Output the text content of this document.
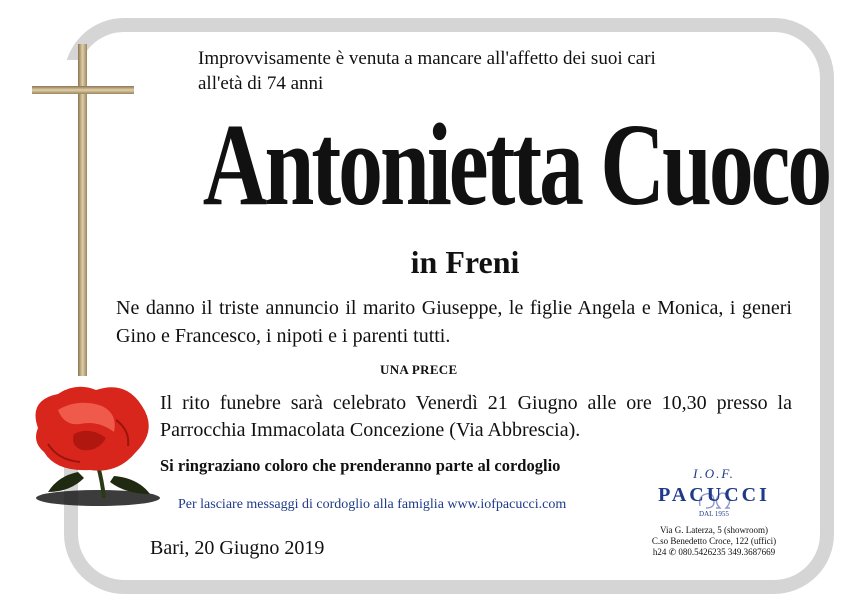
Improvvisamente è venuta a mancare all'affetto dei suoi cari
all'età di 74 anni
Antonietta Cuoco
in Freni
Ne danno il triste annuncio il marito Giuseppe, le figlie Angela e Monica, i generi Gino e Francesco, i nipoti e i parenti tutti.
UNA PRECE
Il rito funebre sarà celebrato Venerdì 21 Giugno alle ore 10,30 presso la Parrocchia Immacolata Concezione (Via Abbrescia).
Si ringraziano coloro che prenderanno parte al cordoglio
Per lasciare messaggi di cordoglio alla famiglia www.iofpacucci.com
Bari, 20 Giugno 2019
I.O.F.
PACUCCI
DAL 1955
Via G. Laterza, 5 (showroom)
C.so Benedetto Croce, 122 (uffici)
h24 ✆ 080.5426235 349.3687669
